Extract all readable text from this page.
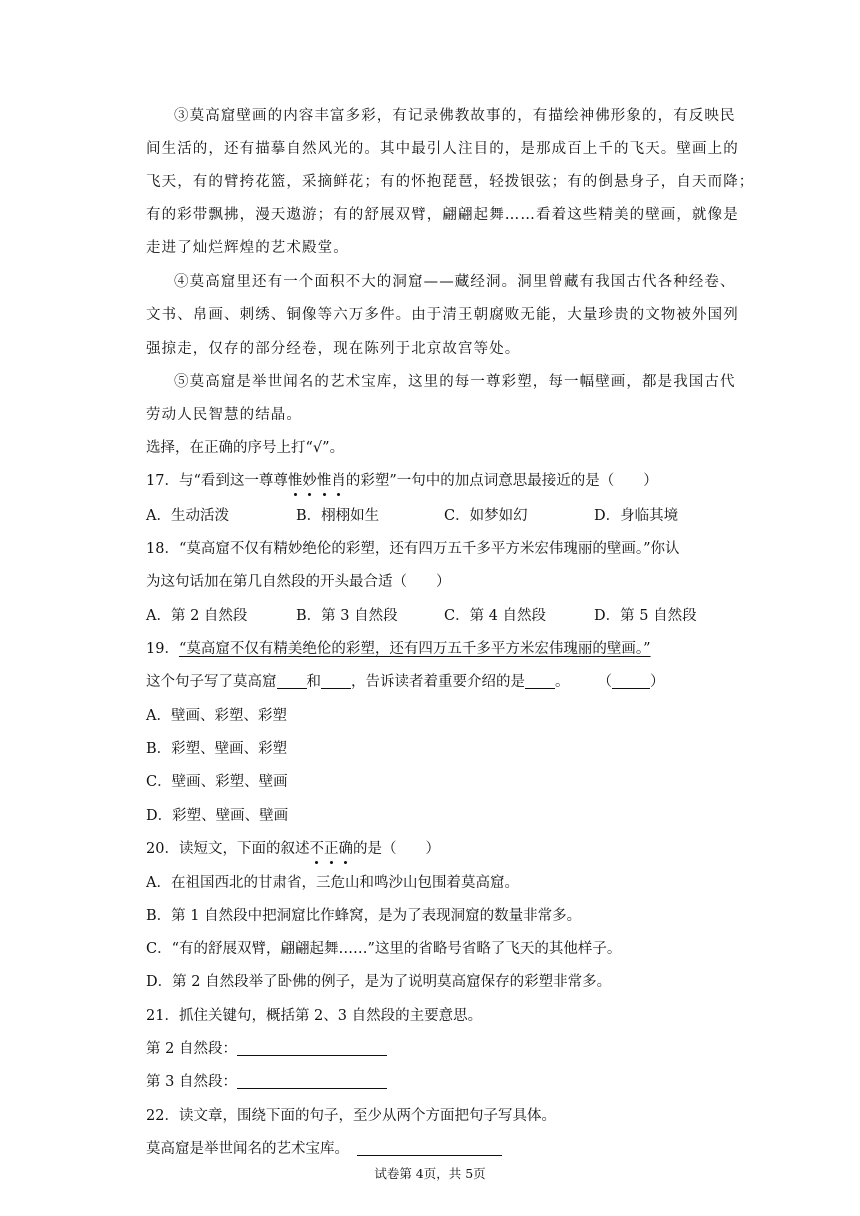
③莫高窟壁画的内容丰富多彩，有记录佛教故事的，有描绘神佛形象的，有反映民
间生活的，还有描摹自然风光的。其中最引人注目的，是那成百上千的飞天。壁画上的
飞天，有的臂挎花篮，采摘鲜花；有的怀抱琵琶，轻拨银弦；有的倒悬身子，自天而降；
有的彩带飘拂，漫天遨游；有的舒展双臂，翩翩起舞……看着这些精美的壁画，就像是
走进了灿烂辉煌的艺术殿堂。
④莫高窟里还有一个面积不大的洞窟——藏经洞。洞里曾藏有我国古代各种经卷、
文书、帛画、刺绣、铜像等六万多件。由于清王朝腐败无能，大量珍贵的文物被外国列
强掠走，仅存的部分经卷，现在陈列于北京故宫等处。
⑤莫高窟是举世闻名的艺术宝库，这里的每一尊彩塑，每一幅壁画，都是我国古代
劳动人民智慧的结晶。
选择，在正确的序号上打“√”。
17．与“看到这一尊尊惟妙惟肖的彩塑”一句中的加点词意思最接近的是（　　）
A．生动活泼	B．栩栩如生	C．如梦如幻	D．身临其境
18．“莫高窟不仅有精妙绝伦的彩塑，还有四万五千多平方米宏伟瑰丽的壁画。”你认
为这句话加在第几自然段的开头最合适（　　）
A．第 2 自然段	B．第 3 自然段	C．第 4 自然段	D．第 5 自然段
19．“莫高窟不仅有精美绝伦的彩塑，还有四万五千多平方米宏伟瑰丽的壁画。”
这个句子写了莫高窟 和 ，告诉读者着重要介绍的是 。 （	）
A．壁画、彩塑、彩塑
B．彩塑、壁画、彩塑
C．壁画、彩塑、壁画
D．彩塑、壁画、壁画
20．读短文，下面的叙述不正确的是（　　）
A．在祖国西北的甘肃省，三危山和鸣沙山包围着莫高窟。
B．第 1 自然段中把洞窟比作蜂窝，是为了表现洞窟的数量非常多。
C．“有的舒展双臂，翩翩起舞……”这里的省略号省略了飞天的其他样子。
D．第 2 自然段举了卧佛的例子，是为了说明莫高窟保存的彩塑非常多。
21．抓住关键句，概括第 2、3 自然段的主要意思。
第 2 自然段：
第 3 自然段：
22．读文章，围绕下面的句子，至少从两个方面把句子写具体。
莫高窟是举世闻名的艺术宝库。
试卷第 4页，共 5页
